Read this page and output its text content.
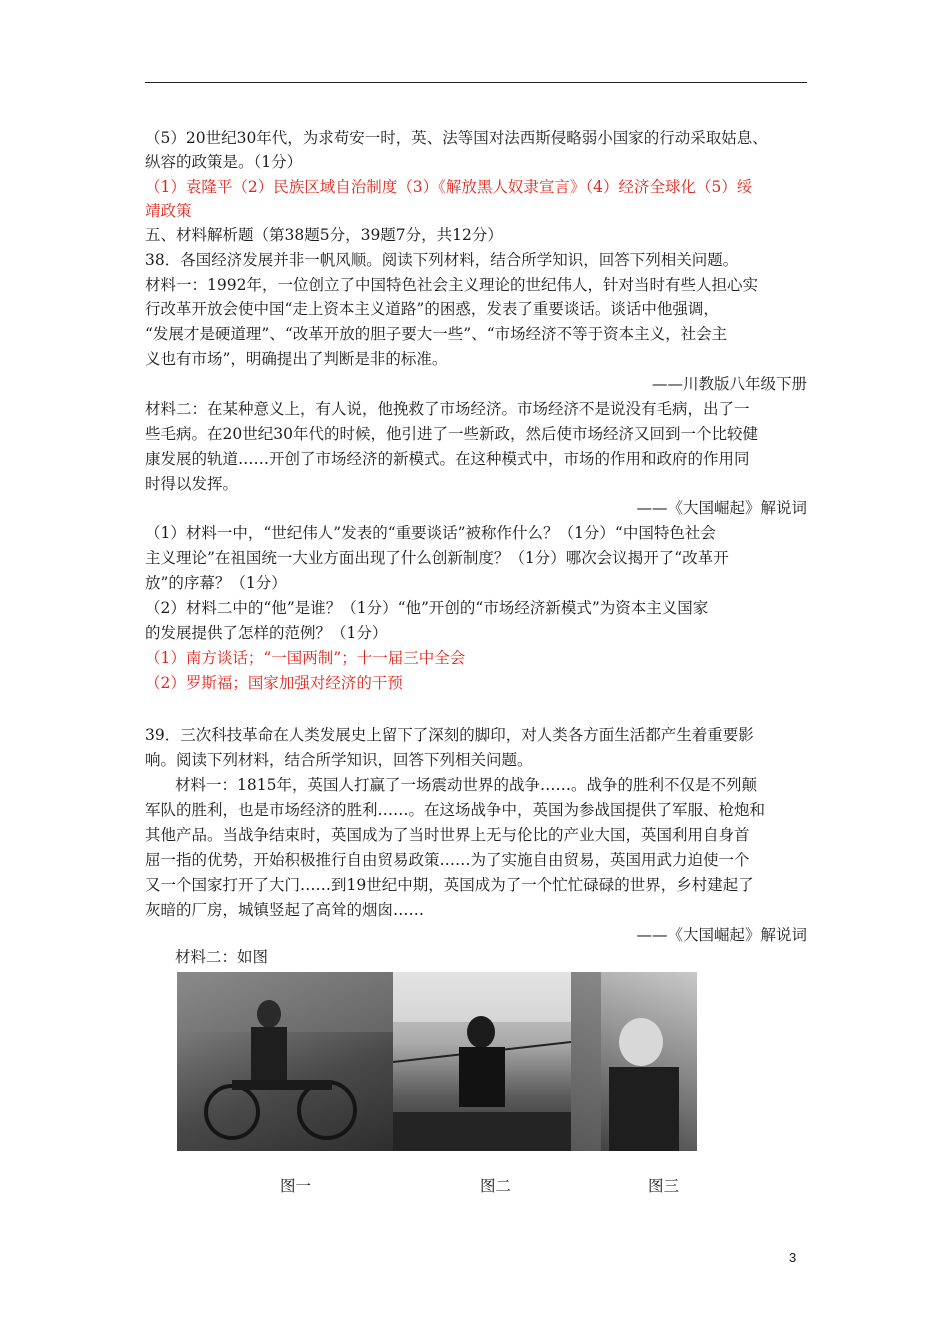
（5）20世纪30年代，为求苟安一时，英、法等国对法西斯侵略弱小国家的行动采取姑息、
纵容的政策是。（1分）
（1）袁隆平（2）民族区域自治制度（3）《解放黑人奴隶宣言》（4）经济全球化（5）绥
靖政策
五、材料解析题（第38题5分，39题7分，共12分）
38．各国经济发展并非一帆风顺。阅读下列材料，结合所学知识，回答下列相关问题。
材料一：1992年，一位创立了中国特色社会主义理论的世纪伟人，针对当时有些人担心实
行改革开放会使中国“走上资本主义道路”的困惑，发表了重要谈话。谈话中他强调，
“发展才是硬道理”、“改革开放的胆子要大一些”、“市场经济不等于资本主义，社会主
义也有市场”，明确提出了判断是非的标准。
——川教版八年级下册
材料二：在某种意义上，有人说，他挽救了市场经济。市场经济不是说没有毛病，出了一
些毛病。在20世纪30年代的时候，他引进了一些新政，然后使市场经济又回到一个比较健
康发展的轨道……开创了市场经济的新模式。在这种模式中，市场的作用和政府的作用同
时得以发挥。
——《大国崛起》解说词
（1）材料一中，“世纪伟人”发表的“重要谈话”被称作什么？（1分）“中国特色社会
主义理论”在祖国统一大业方面出现了什么创新制度？（1分）哪次会议揭开了“改革开
放”的序幕？（1分）
（2）材料二中的“他”是谁？（1分）“他”开创的“市场经济新模式”为资本主义国家
的发展提供了怎样的范例？（1分）
（1）南方谈话；“一国两制”；十一届三中全会
（2）罗斯福；国家加强对经济的干预
39．三次科技革命在人类发展史上留下了深刻的脚印，对人类各方面生活都产生着重要影
响。阅读下列材料，结合所学知识，回答下列相关问题。
材料一：1815年，英国人打赢了一场震动世界的战争……。战争的胜利不仅是不列颠
军队的胜利，也是市场经济的胜利……。在这场战争中，英国为参战国提供了军服、枪炮和
其他产品。当战争结束时，英国成为了当时世界上无与伦比的产业大国，英国利用自身首
屈一指的优势，开始积极推行自由贸易政策……为了实施自由贸易，英国用武力迫使一个
又一个国家打开了大门……到19世纪中期，英国成为了一个忙忙碌碌的世界，乡村建起了
灰暗的厂房，城镇竖起了高耸的烟囱……
——《大国崛起》解说词
材料二：如图
图一	图二	图三
3
